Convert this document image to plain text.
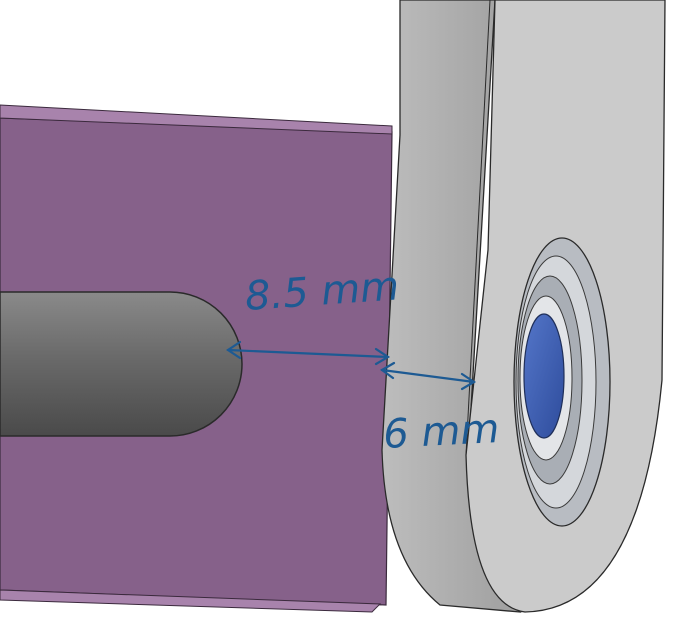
8.5 mm
6 mm
